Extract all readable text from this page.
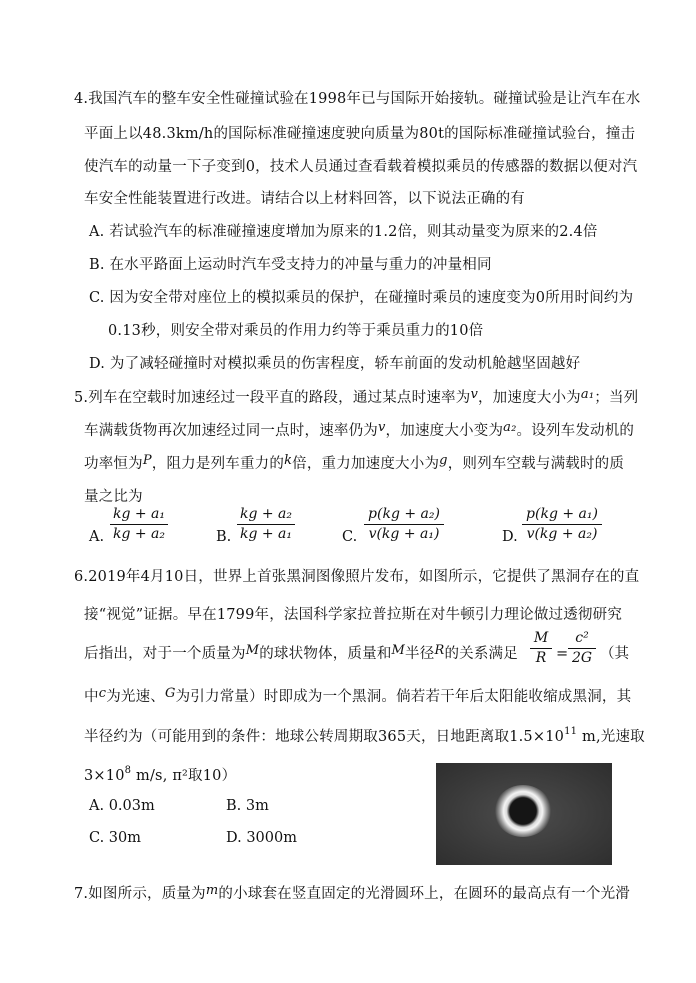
4.我国汽车的整车安全性碰撞试验在1998年已与国际开始接轨。碰撞试验是让汽车在水
平面上以48.3km/h的国际标准碰撞速度驶向质量为80t的国际标准碰撞试验台，撞击
使汽车的动量一下子变到0，技术人员通过查看载着模拟乘员的传感器的数据以便对汽
车安全性能装置进行改进。请结合以上材料回答，以下说法正确的有
A. 若试验汽车的标准碰撞速度增加为原来的1.2倍，则其动量变为原来的2.4倍
B. 在水平路面上运动时汽车受支持力的冲量与重力的冲量相同
C. 因为安全带对座位上的模拟乘员的保护，在碰撞时乘员的速度变为0所用时间约为
0.13秒，则安全带对乘员的作用力约等于乘员重力的10倍
D. 为了减轻碰撞时对模拟乘员的伤害程度，轿车前面的发动机舱越坚固越好
5.列车在空载时加速经过一段平直的路段，通过某点时速率为v，加速度大小为a₁；当列
车满载货物再次加速经过同一点时，速率仍为v，加速度大小变为a₂。设列车发动机的
功率恒为P，阻力是列车重力的k倍，重力加速度大小为g，则列车空载与满载时的质
量之比为
A.
kg + a₁
kg + a₂	B.
kg + a₂
kg + a₁	C.
p(kg + a₂)
v(kg + a₁)	D.
p(kg + a₁)
v(kg + a₂)
6.2019年4月10日，世界上首张黑洞图像照片发布，如图所示，它提供了黑洞存在的直
接“视觉”证据。早在1799年，法国科学家拉普拉斯在对牛顿引力理论做过透彻研究
后指出，对于一个质量为M的球状物体，质量和M半径R的关系满足
M
R =
c²
2G （其
中c为光速、G为引力常量）时即成为一个黑洞。倘若若干年后太阳能收缩成黑洞，其
半径约为（可能用到的条件：地球公转周期取365天，日地距离取$1.5\times 10^{11}$ m,光速取
$3\times 10^8$ m/s, π²取10）
A. 0.03m	B. 3m
C. 30m	D. 3000m
7.如图所示，质量为m的小球套在竖直固定的光滑圆环上，在圆环的最高点有一个光滑
